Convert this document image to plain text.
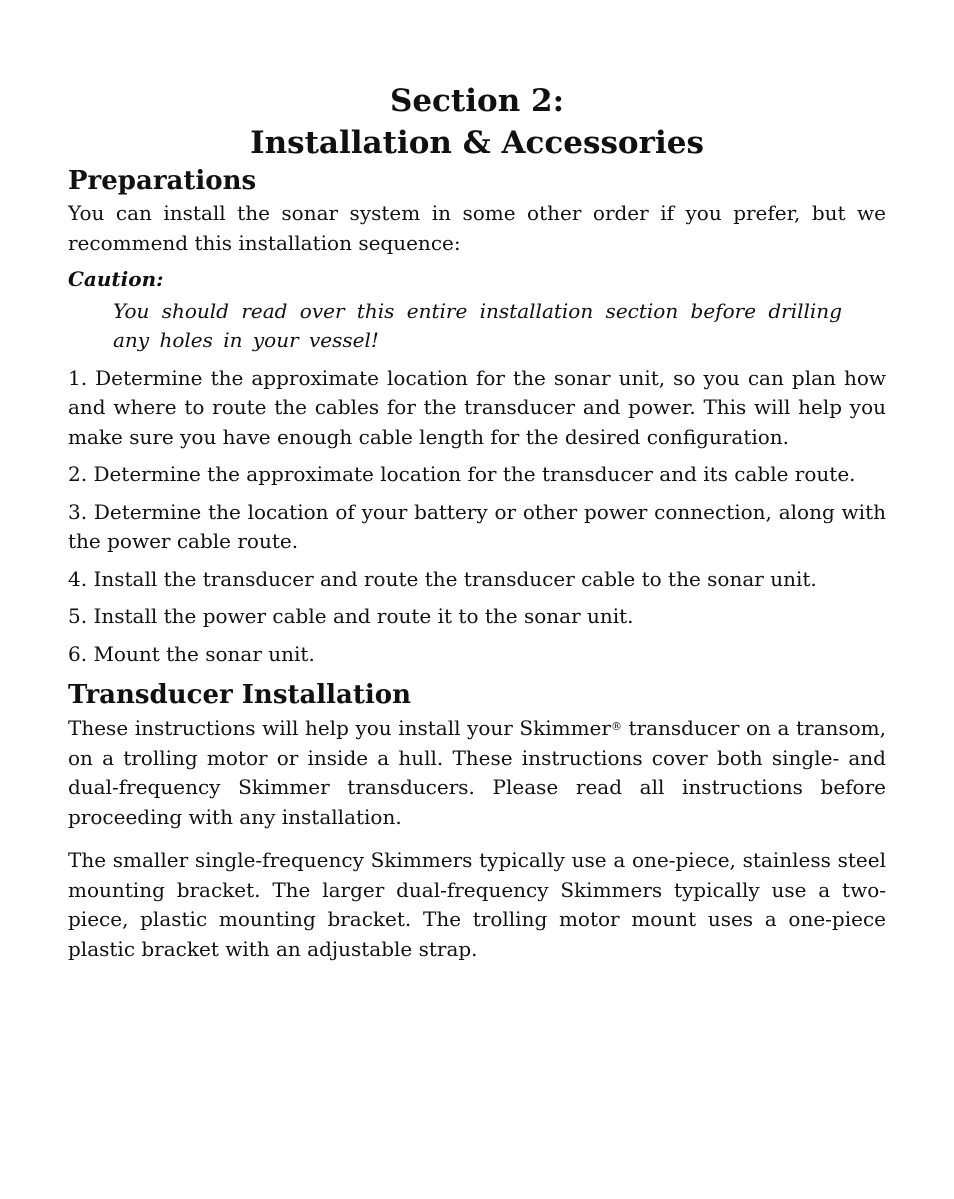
Section 2:
Installation & Accessories
Preparations

You can install the sonar system in some other order if you prefer, but we recommend this installation sequence:

Caution:

You should read over this entire installation section before drilling any holes in your vessel!

1. Determine the approximate location for the sonar unit, so you can plan how and where to route the cables for the transducer and power. This will help you make sure you have enough cable length for the desired configuration.

2. Determine the approximate location for the transducer and its cable route.

3. Determine the location of your battery or other power connection, along with the power cable route.

4. Install the transducer and route the transducer cable to the sonar unit.

5. Install the power cable and route it to the sonar unit.

6. Mount the sonar unit.

Transducer Installation

These instructions will help you install your Skimmer® transducer on a transom, on a trolling motor or inside a hull. These instructions cover both single- and dual-frequency Skimmer transducers. Please read all instructions before proceeding with any installation.

The smaller single-frequency Skimmers typically use a one-piece, stainless steel mounting bracket. The larger dual-frequency Skimmers typically use a two-piece, plastic mounting bracket. The trolling motor mount uses a one-piece plastic bracket with an adjustable strap.
